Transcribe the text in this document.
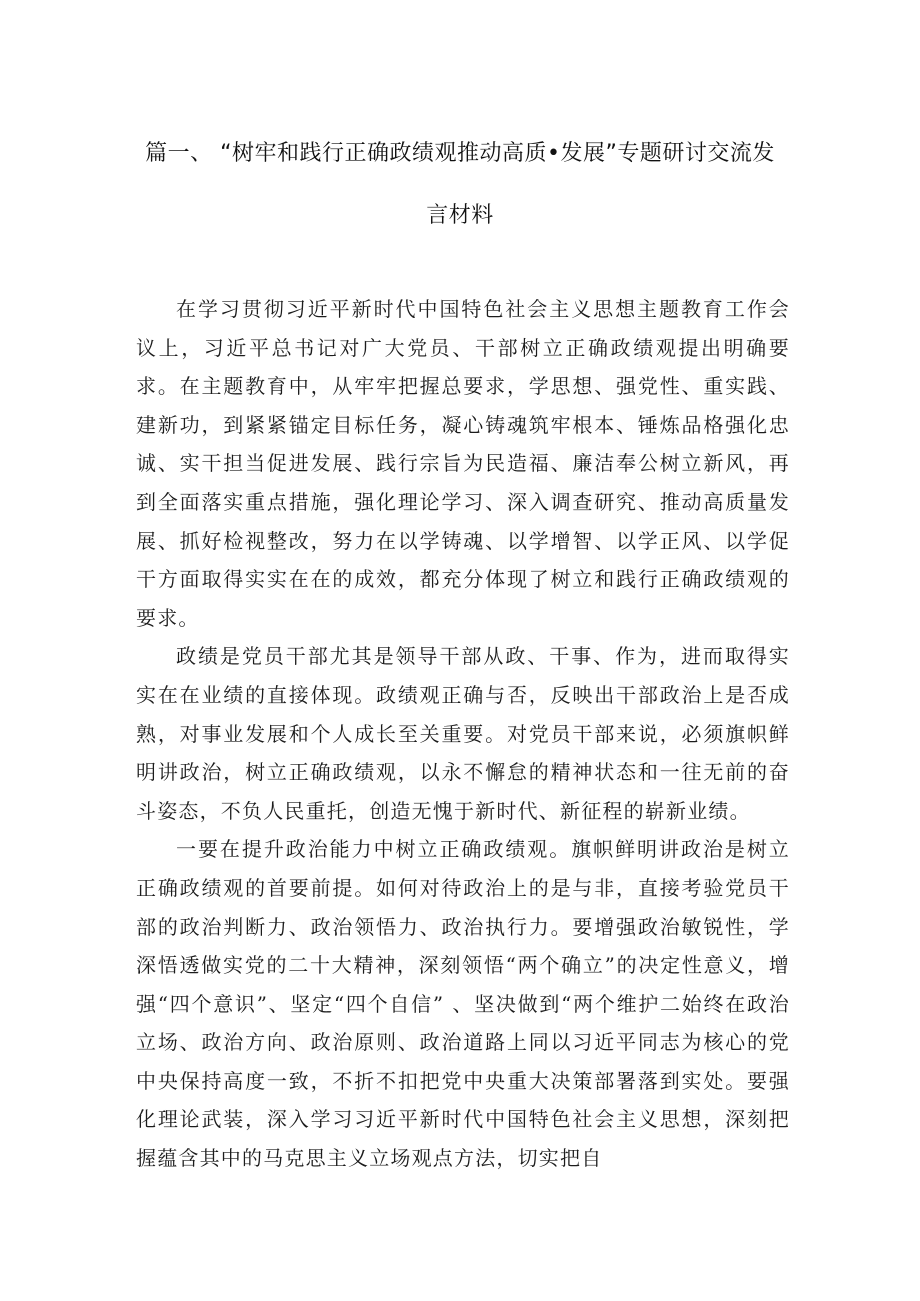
篇一、 “树牢和践行正确政绩观推动高质•发展”专题研讨交流发
言材料

在学习贯彻习近平新时代中国特色社会主义思想主题教育工作会议上，习近平总书记对广大党员、干部树立正确政绩观提出明确要求。在主题教育中，从牢牢把握总要求，学思想、强党性、重实践、建新功，到紧紧锚定目标任务，凝心铸魂筑牢根本、锤炼品格强化忠诚、实干担当促进发展、践行宗旨为民造福、廉洁奉公树立新风，再到全面落实重点措施，强化理论学习、深入调查研究、推动高质量发展、抓好检视整改，努力在以学铸魂、以学增智、以学正风、以学促干方面取得实实在在的成效，都充分体现了树立和践行正确政绩观的要求。

政绩是党员干部尤其是领导干部从政、干事、作为，进而取得实实在在业绩的直接体现。政绩观正确与否，反映出干部政治上是否成熟，对事业发展和个人成长至关重要。对党员干部来说，必须旗帜鲜明讲政治，树立正确政绩观，以永不懈怠的精神状态和一往无前的奋斗姿态，不负人民重托，创造无愧于新时代、新征程的崭新业绩。

一要在提升政治能力中树立正确政绩观。旗帜鲜明讲政治是树立正确政绩观的首要前提。如何对待政治上的是与非，直接考验党员干部的政治判断力、政治领悟力、政治执行力。要增强政治敏锐性，学深悟透做实党的二十大精神，深刻领悟“两个确立”的决定性意义，增强“四个意识”、坚定“四个自信” 、坚决做到“两个维护二始终在政治立场、政治方向、政治原则、政治道路上同以习近平同志为核心的党中央保持高度一致，不折不扣把党中央重大决策部署落到实处。要强化理论武装，深入学习习近平新时代中国特色社会主义思想，深刻把握蕴含其中的马克思主义立场观点方法，切实把自
